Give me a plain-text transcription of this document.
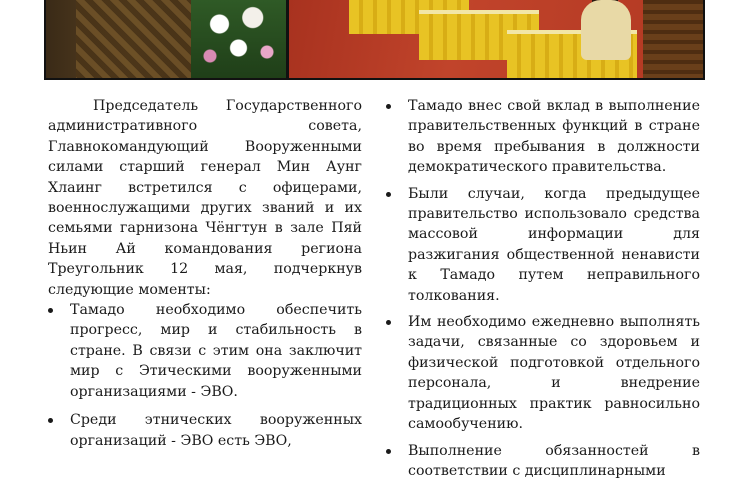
Председатель Государственного административного совета, Главнокомандующий Вооруженными силами старший генерал Мин Аунг Хлаинг встретился с офицерами, военнослужащими других званий и их семьями гарнизона Чёнгтун в зале Пяй Ньин Ай командования региона Треугольник 12 мая, подчеркнув следующие моменты:

Тамадо необходимо обеспечить прогресс, мир и стабильность в стране. В связи с этим она заключит мир с Этическими вооруженными организациями - ЭВО.
Среди этнических вооруженных организаций - ЭВО есть ЭВО,
Тамадо внес свой вклад в выполнение правительственных функций в стране во время пребывания в должности демократического правительства.
Были случаи, когда предыдущее правительство использовало средства массовой информации для разжигания общественной ненависти к Тамадо путем неправильного толкования.
Им необходимо ежедневно выполнять задачи, связанные со здоровьем и физической подготовкой отдельного персонала, и внедрение традиционных практик равносильно самообучению.
Выполнение обязанностей в соответствии с дисциплинарными
